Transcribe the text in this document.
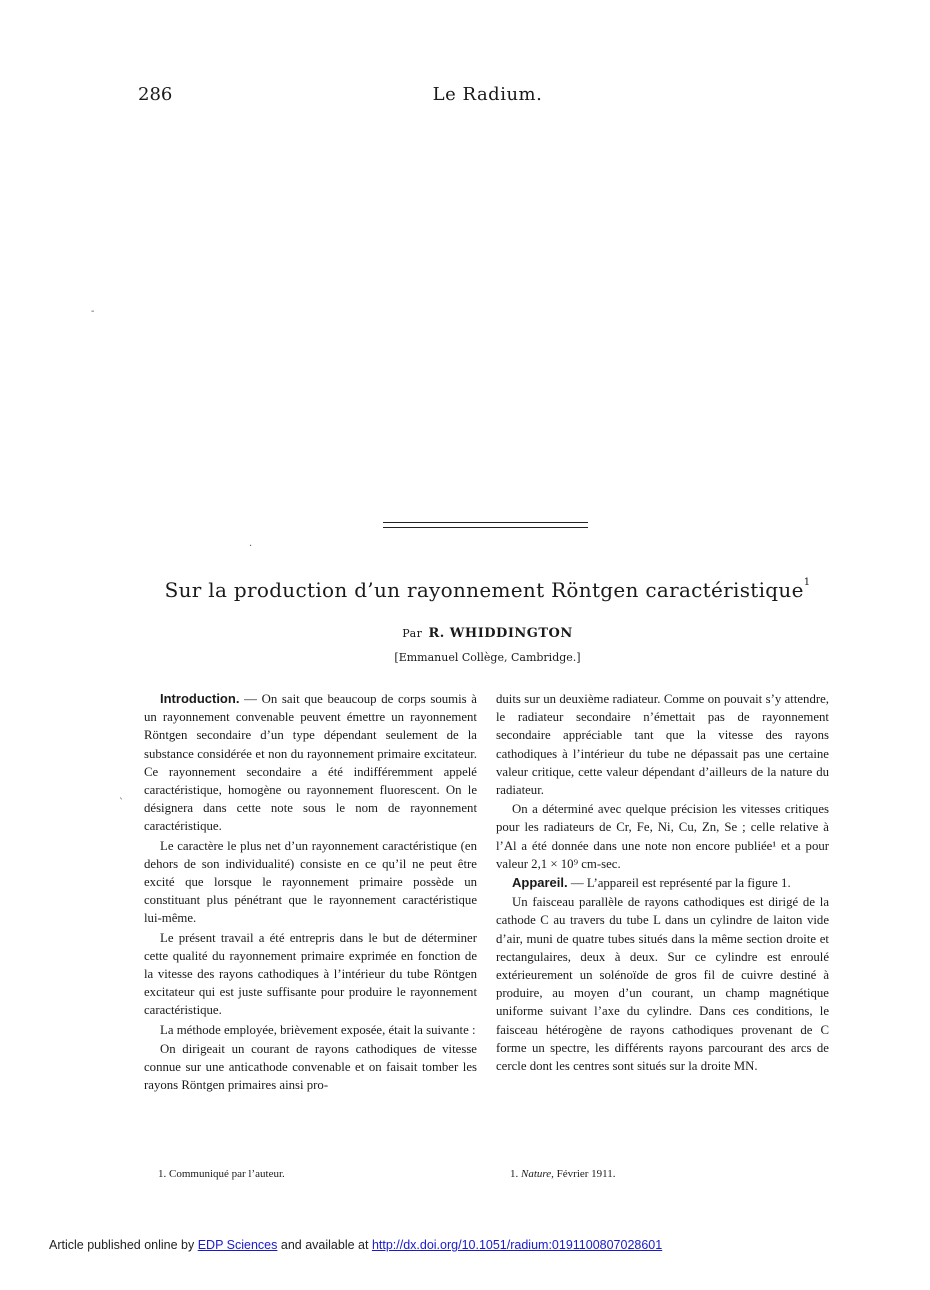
286	Le Radium.
-
.
`
Sur la production d’un rayonnement Röntgen caractéristique$^1$
Par R. WHIDDINGTON
[Emmanuel Collège, Cambridge.]

Introduction. — On sait que beaucoup de corps soumis à un rayonnement convenable peuvent émettre un rayonnement Röntgen secondaire d’un type dépendant seulement de la substance considérée et non du rayonnement primaire excitateur. Ce rayonnement secondaire a été indifféremment appelé caractéristique, homogène ou rayonnement fluorescent. On le désignera dans cette note sous le nom de rayonnement caractéristique.

Le caractère le plus net d’un rayonnement caractéristique (en dehors de son individualité) consiste en ce qu’il ne peut être excité que lorsque le rayonnement primaire possède un constituant plus pénétrant que le rayonnement caractéristique lui-même.

Le présent travail a été entrepris dans le but de déterminer cette qualité du rayonnement primaire exprimée en fonction de la vitesse des rayons cathodiques à l’intérieur du tube Röntgen excitateur qui est juste suffisante pour produire le rayonnement caractéristique.

La méthode employée, brièvement exposée, était la suivante :

On dirigeait un courant de rayons cathodiques de vitesse connue sur une anticathode convenable et on faisait tomber les rayons Röntgen primaires ainsi pro-

duits sur un deuxième radiateur. Comme on pouvait s’y attendre, le radiateur secondaire n’émettait pas de rayonnement secondaire appréciable tant que la vitesse des rayons cathodiques à l’intérieur du tube ne dépassait pas une certaine valeur critique, cette valeur dépendant d’ailleurs de la nature du radiateur.

On a déterminé avec quelque précision les vitesses critiques pour les radiateurs de Cr, Fe, Ni, Cu, Zn, Se ; celle relative à l’Al a été donnée dans une note non encore publiée¹ et a pour valeur 2,1 × 10⁹ cm-sec.

Appareil. — L’appareil est représenté par la figure 1.

Un faisceau parallèle de rayons cathodiques est dirigé de la cathode C au travers du tube L dans un cylindre de laiton vide d’air, muni de quatre tubes situés dans la même section droite et rectangulaires, deux à deux. Sur ce cylindre est enroulé extérieurement un solénoïde de gros fil de cuivre destiné à produire, au moyen d’un courant, un champ magnétique uniforme suivant l’axe du cylindre. Dans ces conditions, le faisceau hétérogène de rayons cathodiques provenant de C forme un spectre, les différents rayons parcourant des arcs de cercle dont les centres sont situés sur la droite MN.

1. Communiqué par l’auteur.	1. Nature, Février 1911.
Article published online by EDP Sciences and available at http://dx.doi.org/10.1051/radium:0191100807028601
